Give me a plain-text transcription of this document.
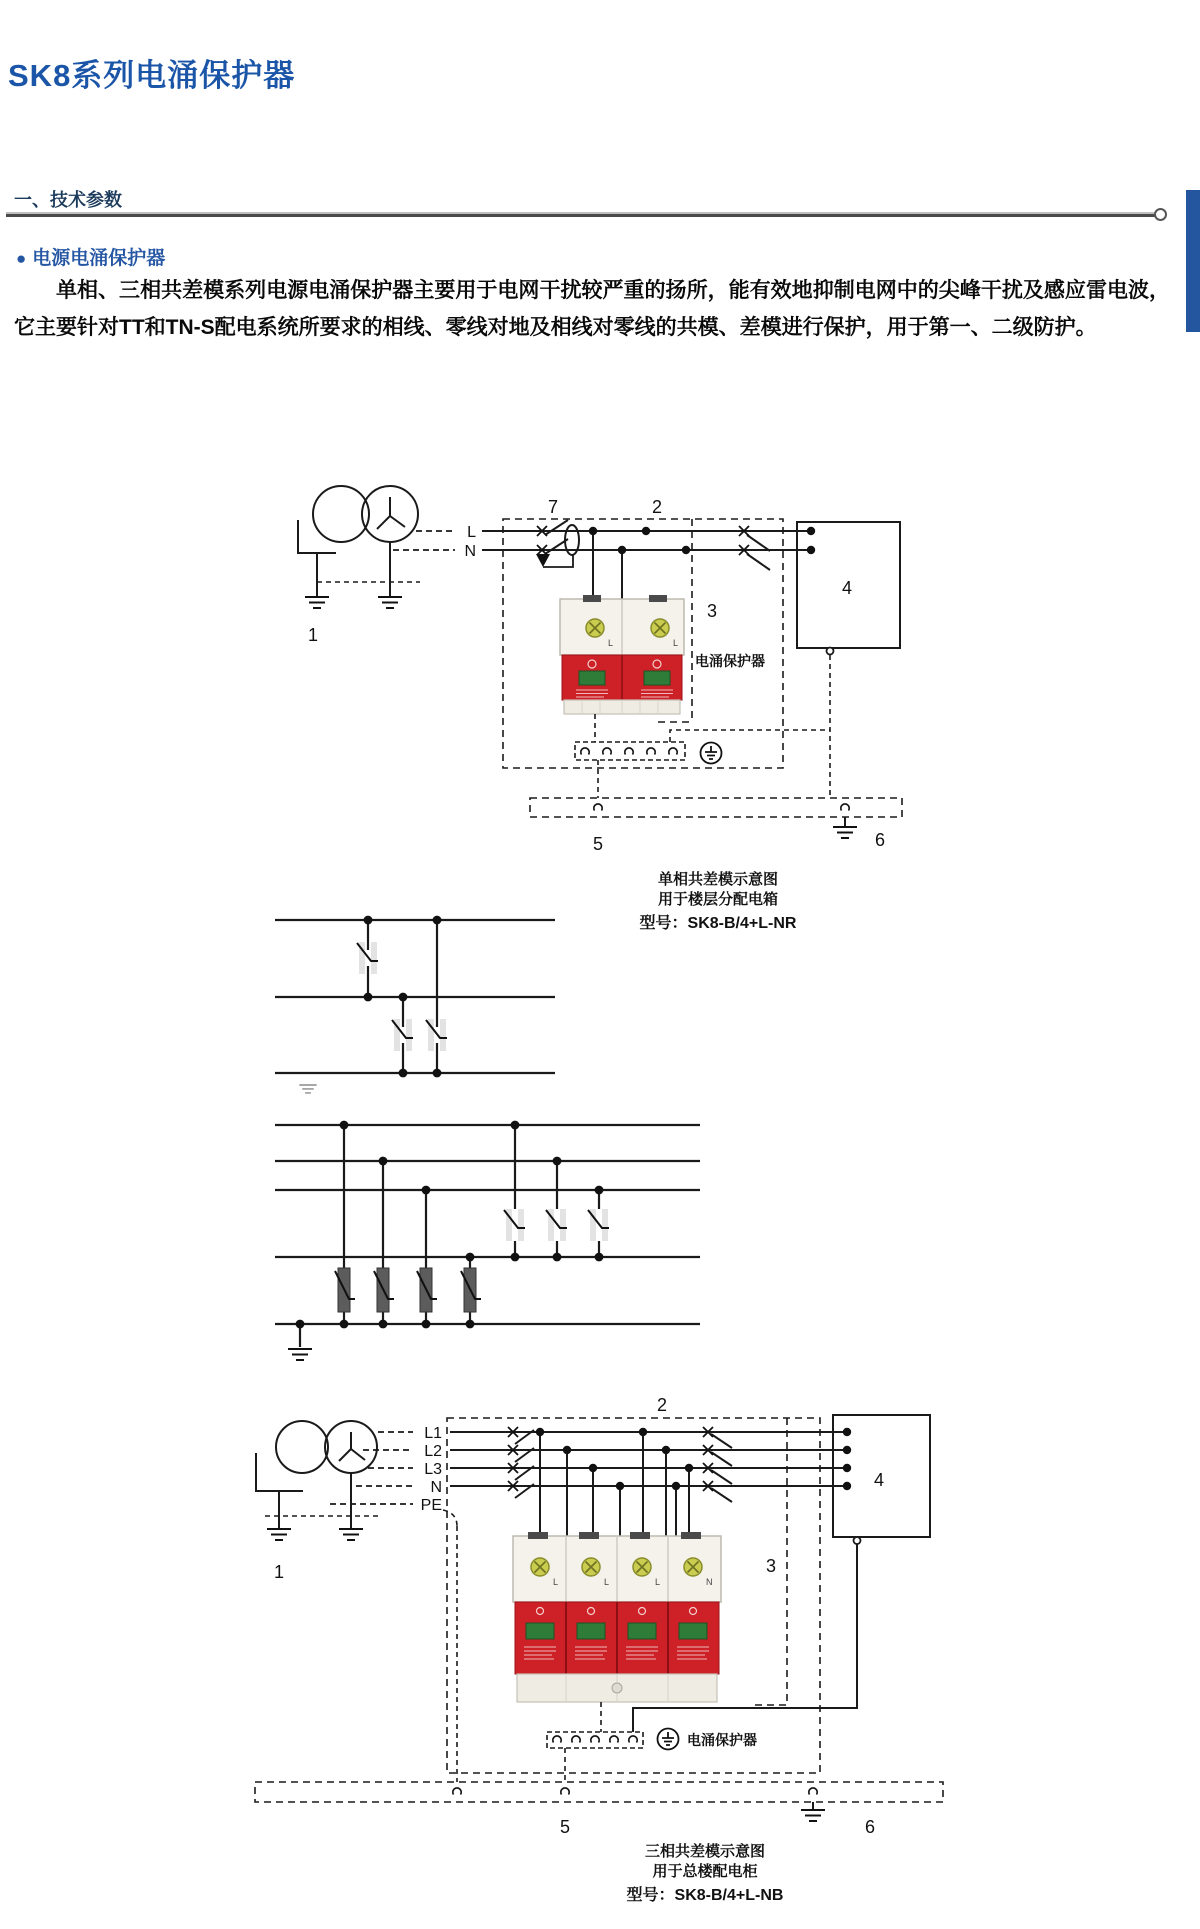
SK8系列电涌保护器
一、技术参数
● 电源电涌保护器
单相、三相共差模系列电源电涌保护器主要用于电网干扰较严重的扬所，能有效地抑制电网中的尖峰干扰及感应雷电波，它主要针对TT和TN-S配电系统所要求的相线、零线对地及相线对零线的共模、差模进行保护，用于第一、二级防护。
L	L
1
L
N
7	2
3
电涌保护器
4
5	6
单相共差模示意图
用于楼层分配电箱
型号：SK8-B/4+L-NR
L	L	L	N
1
L1
L2
L3
N
PE
2
3
4
电涌保护器
5	6
三相共差模示意图
用于总楼配电柜
型号：SK8-B/4+L-NB
